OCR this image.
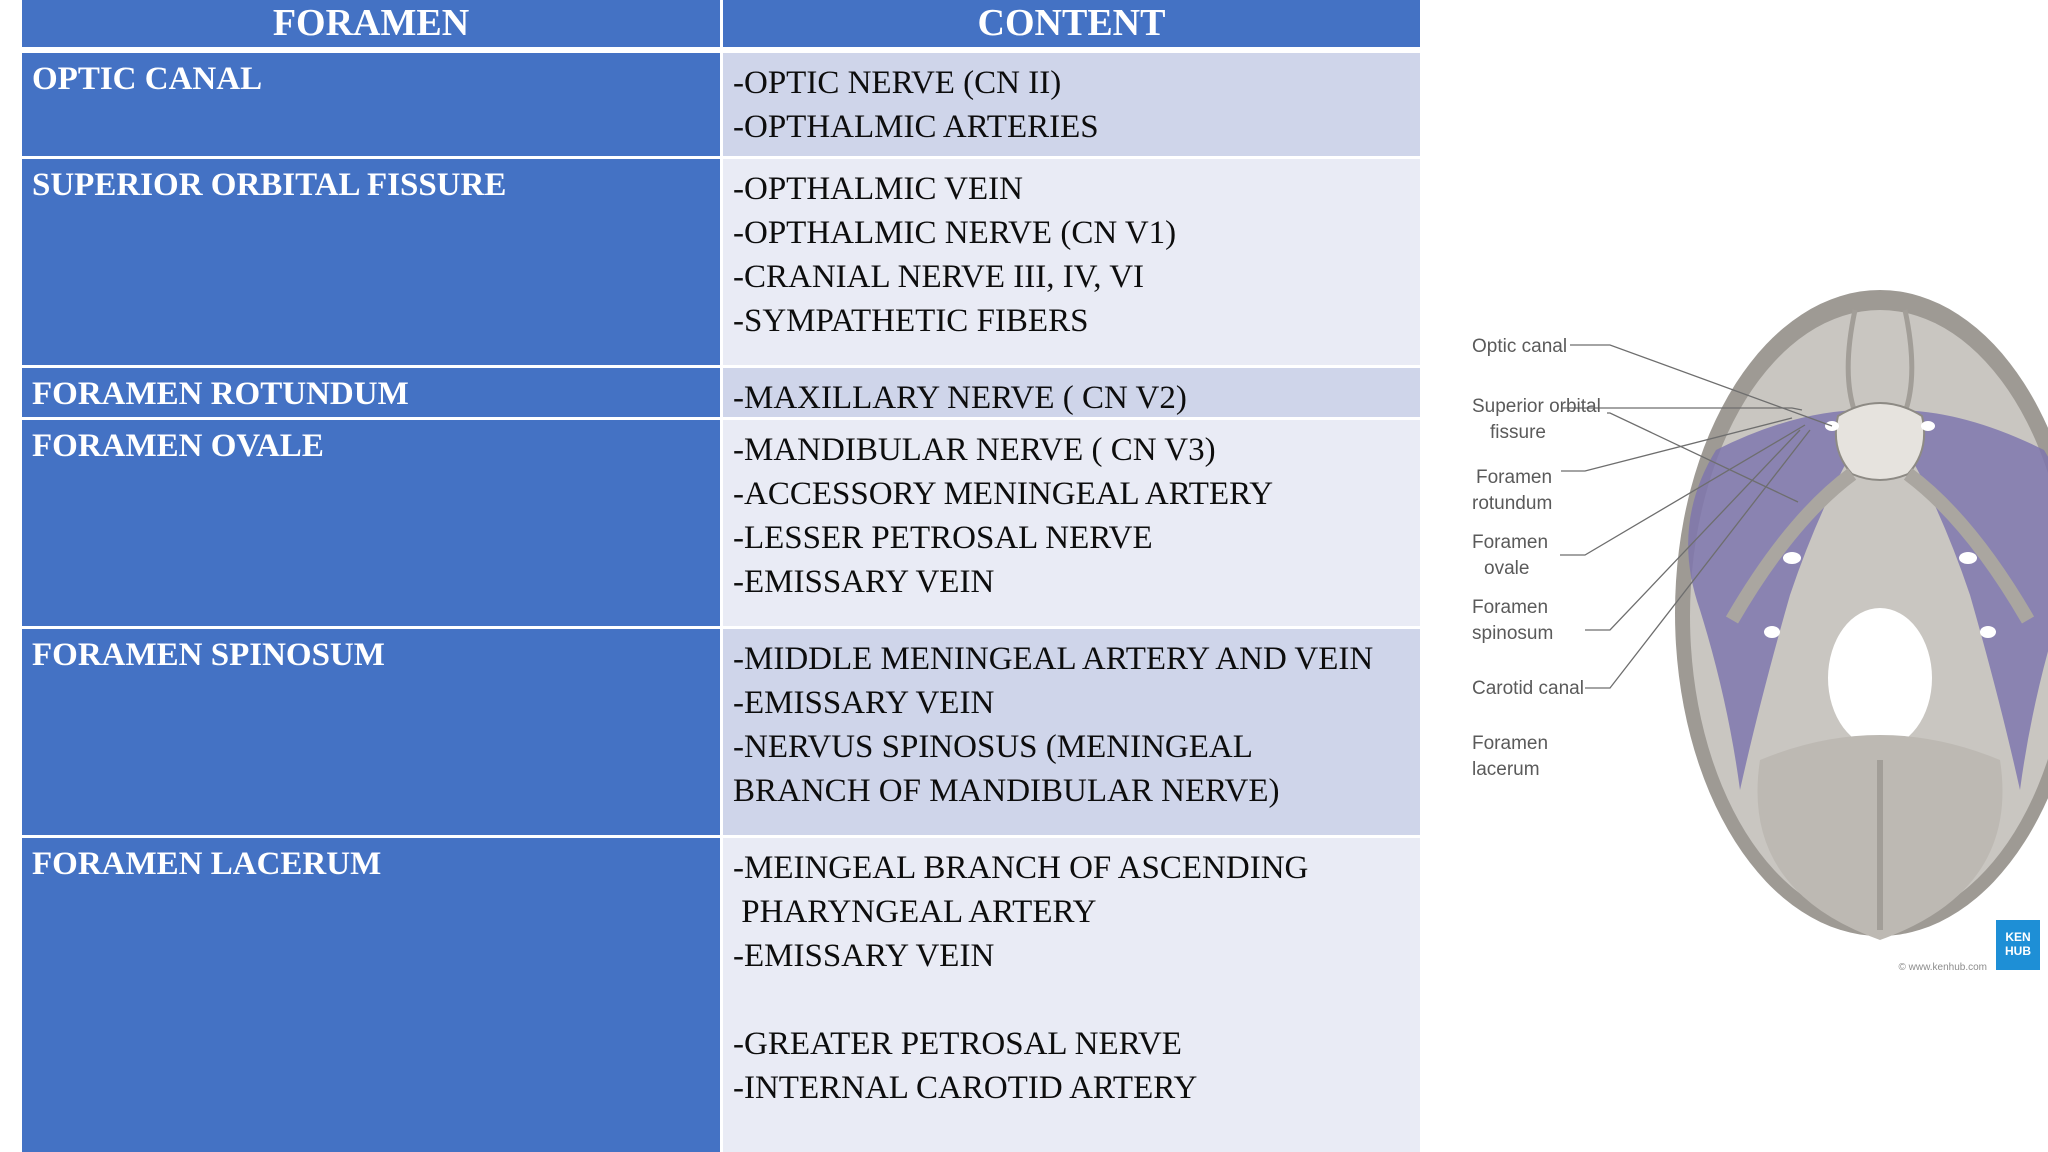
FORAMEN	CONTENT
OPTIC CANAL	-OPTIC NERVE (CN II)
-OPTHALMIC ARTERIES
SUPERIOR ORBITAL FISSURE	-OPTHALMIC VEIN
-OPTHALMIC NERVE (CN V1)
-CRANIAL NERVE III, IV, VI
-SYMPATHETIC FIBERS
FORAMEN ROTUNDUM	-MAXILLARY NERVE ( CN V2)
FORAMEN OVALE	-MANDIBULAR NERVE ( CN V3)
-ACCESSORY MENINGEAL ARTERY
-LESSER PETROSAL NERVE
-EMISSARY VEIN
FORAMEN SPINOSUM	-MIDDLE MENINGEAL ARTERY AND VEIN
-EMISSARY VEIN
-NERVUS SPINOSUS (MENINGEAL
BRANCH OF MANDIBULAR NERVE)
FORAMEN LACERUM	-MEINGEAL BRANCH OF ASCENDING
PHARYNGEAL ARTERY
-EMISSARY VEIN
-GREATER PETROSAL NERVE
-INTERNAL CAROTID ARTERY
Optic canal
Superior orbital
fissure
Foramen
rotundum
Foramen
ovale
Foramen
spinosum
Carotid canal
Foramen
lacerum
KEN
HUB
© www.kenhub.com
